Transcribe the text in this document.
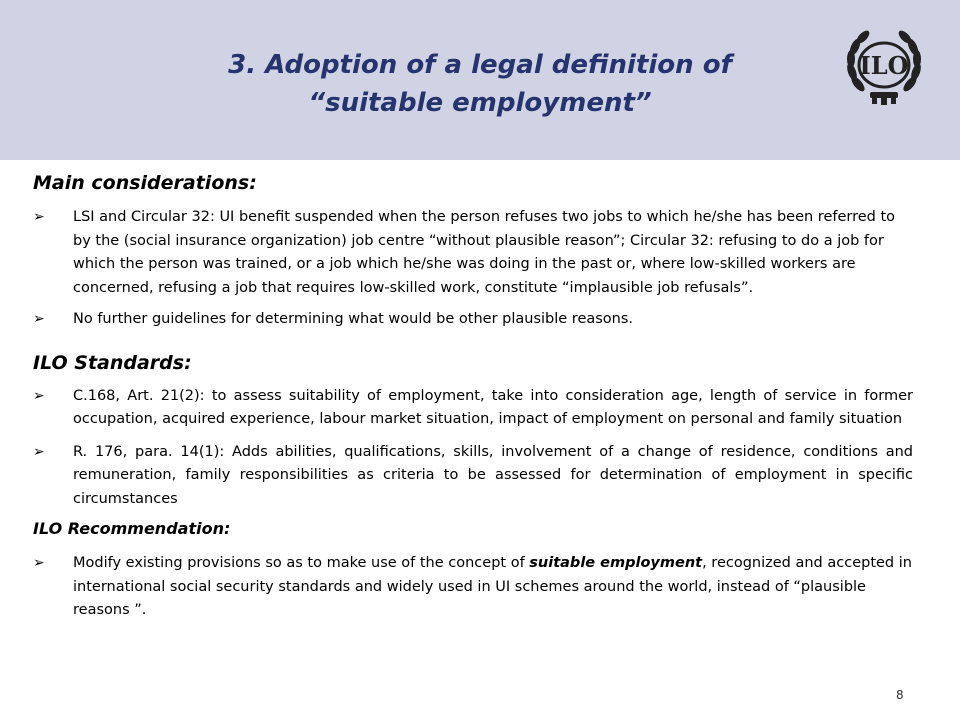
3. Adoption of a legal definition of
“suitable employment”
ILO

Main considerations:

➢ LSI and Circular 32: UI benefit suspended when the person refuses two jobs to which he/she has been referred to by the (social insurance organization) job centre “without plausible reason”; Circular 32: refusing to do a job for which the person was trained, or a job which he/she was doing in the past or, where low-skilled workers are concerned, refusing a job that requires low-skilled work, constitute “implausible job refusals”.
➢ No further guidelines for determining what would be other plausible reasons.

ILO Standards:

➢ C.168, Art. 21(2): to assess suitability of employment, take into consideration age, length of service in former occupation, acquired experience, labour market situation, impact of employment on personal and family situation
➢ R. 176, para. 14(1): Adds abilities, qualifications, skills, involvement of a change of residence, conditions and remuneration, family responsibilities as criteria to be assessed for determination of employment in specific circumstances

ILO Recommendation:

➢ Modify existing provisions so as to make use of the concept of suitable employment, recognized and accepted in international social security standards and widely used in UI schemes around the world, instead of “plausible reasons ”.
8
